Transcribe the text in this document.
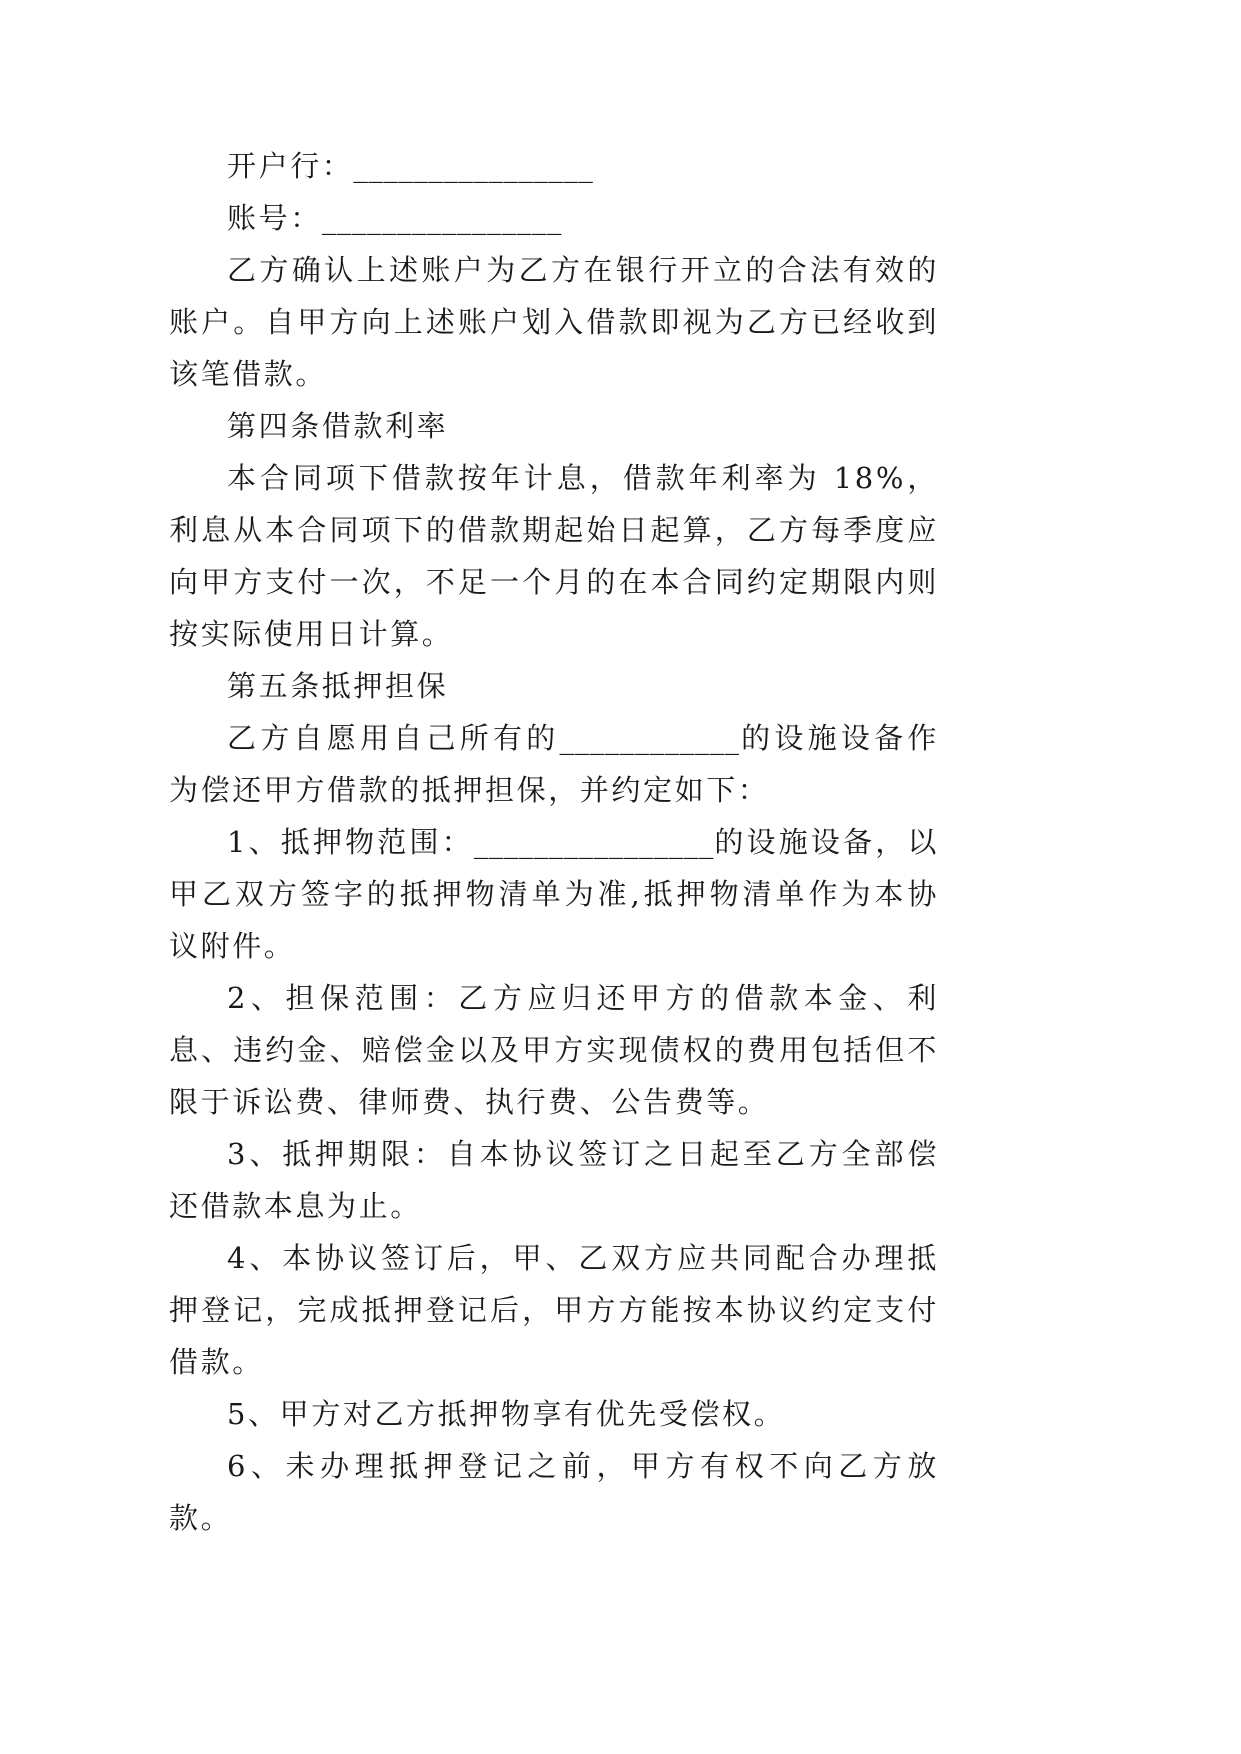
开户行：________________

账号：________________

乙方确认上述账户为乙方在银行开立的合法有效的账户。自甲方向上述账户划入借款即视为乙方已经收到该笔借款。

第四条借款利率

本合同项下借款按年计息，借款年利率为 18%，利息从本合同项下的借款期起始日起算，乙方每季度应向甲方支付一次，不足一个月的在本合同约定期限内则按实际使用日计算。

第五条抵押担保

乙方自愿用自己所有的____________的设施设备作为偿还甲方借款的抵押担保，并约定如下：

1、抵押物范围：________________的设施设备，以甲乙双方签字的抵押物清单为准,抵押物清单作为本协议附件。

2、担保范围：乙方应归还甲方的借款本金、利息、违约金、赔偿金以及甲方实现债权的费用包括但不限于诉讼费、律师费、执行费、公告费等。

3、抵押期限：自本协议签订之日起至乙方全部偿还借款本息为止。

4、本协议签订后，甲、乙双方应共同配合办理抵押登记，完成抵押登记后，甲方方能按本协议约定支付借款。

5、甲方对乙方抵押物享有优先受偿权。

6、未办理抵押登记之前，甲方有权不向乙方放款。
